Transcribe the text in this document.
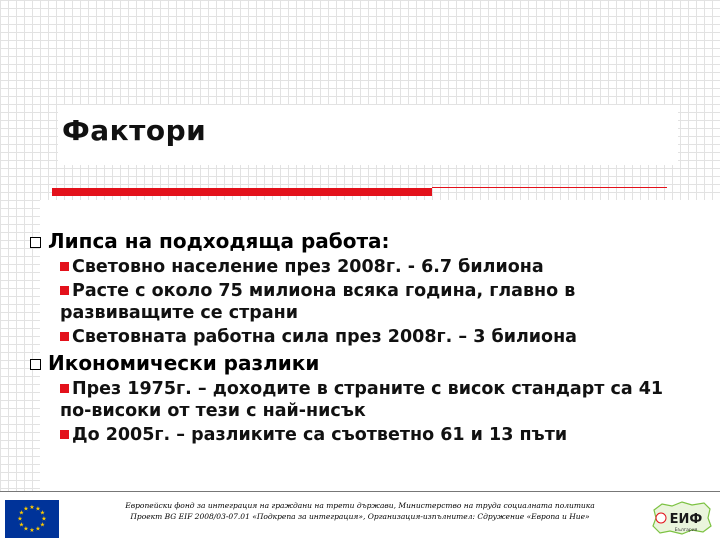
Фактори
Липса на подходяща работа:
Световно население през 2008г. - 6.7 билиона
Расте с около 75 милиона всяка година, главно в развиващите се страни
Световната работна сила през 2008г. – 3 билиона
Икономически разлики
През 1975г. – доходите в страните с висок стандарт са 41 по-високи от тези с най-нисък
До 2005г. – разликите са съответно 61 и 13 пъти
★ ★
★
★
★
★
★
★
★
★
★
★	Европейски фонд за интеграция на граждани на трети държави, Министерство на труда социалната политика
Проект BG EIF 2008/03-07.01 «Подкрепа за интеграция», Организация-изпълнител: Сдружение «Европа и Ние»	ЕИФ
България
